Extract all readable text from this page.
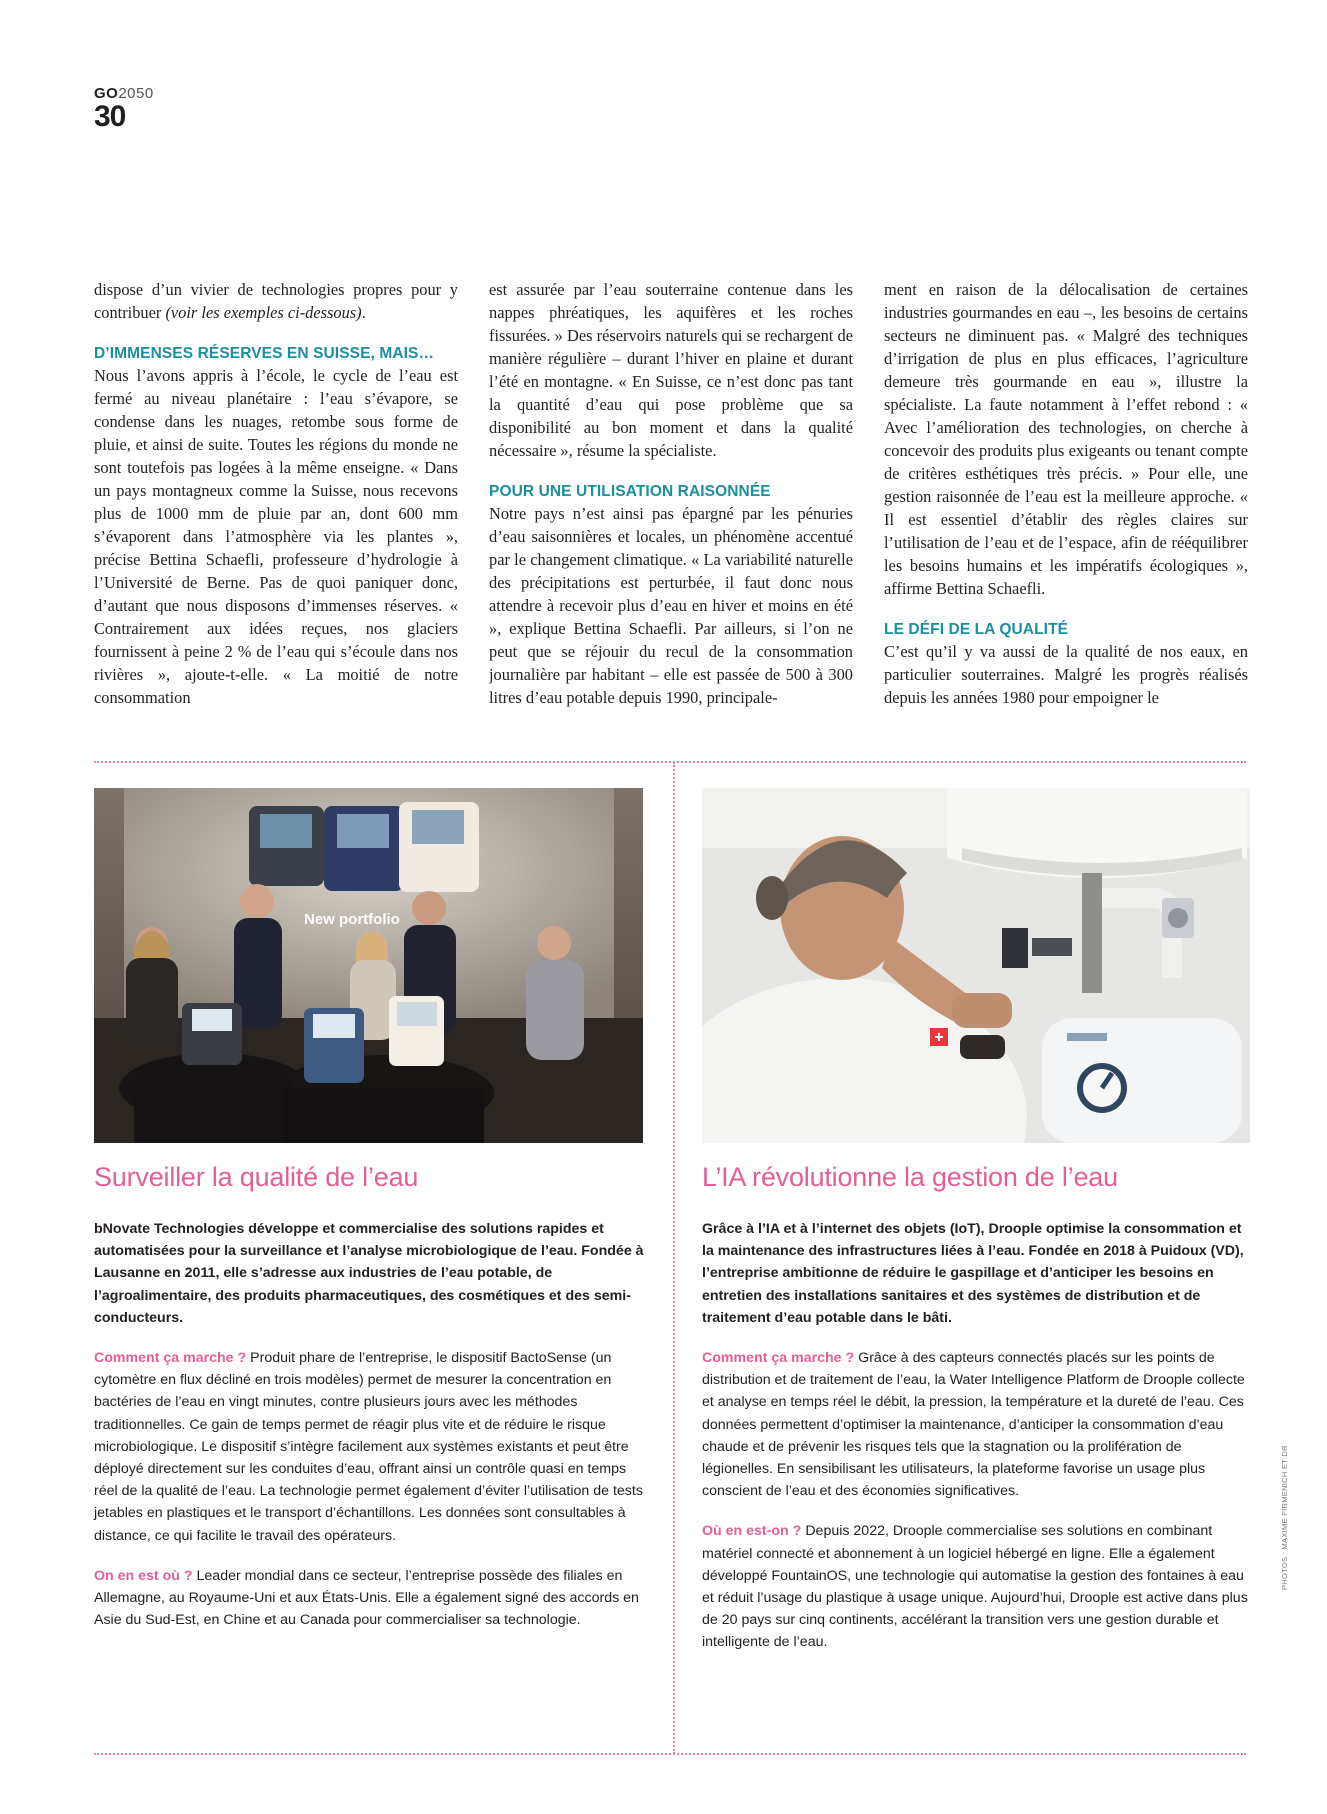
GO2050
30

dispose d’un vivier de technologies propres pour y contribuer (voir les exemples ci-dessous).

D’IMMENSES RÉSERVES EN SUISSE, MAIS…

Nous l’avons appris à l’école, le cycle de l’eau est fermé au niveau planétaire : l’eau s’évapore, se condense dans les nuages, retombe sous forme de pluie, et ainsi de suite. Toutes les régions du monde ne sont toutefois pas logées à la même enseigne. « Dans un pays montagneux comme la Suisse, nous recevons plus de 1000 mm de pluie par an, dont 600 mm s’évaporent dans l’atmosphère via les plantes », précise Bettina Schaefli, professeure d’hydrologie à l’Université de Berne. Pas de quoi paniquer donc, d’autant que nous disposons d’immenses réserves. « Contrairement aux idées reçues, nos glaciers fournissent à peine 2 % de l’eau qui s’écoule dans nos rivières », ajoute-t-elle. « La moitié de notre consommation

est assurée par l’eau souterraine contenue dans les nappes phréatiques, les aquifères et les roches fissurées. » Des réservoirs naturels qui se rechargent de manière régulière – durant l’hiver en plaine et durant l’été en montagne. « En Suisse, ce n’est donc pas tant la quantité d’eau qui pose problème que sa disponibilité au bon moment et dans la qualité nécessaire », résume la spécialiste.

POUR UNE UTILISATION RAISONNÉE

Notre pays n’est ainsi pas épargné par les pénuries d’eau saisonnières et locales, un phénomène accentué par le changement climatique. « La variabilité naturelle des précipitations est perturbée, il faut donc nous attendre à recevoir plus d’eau en hiver et moins en été », explique Bettina Schaefli. Par ailleurs, si l’on ne peut que se réjouir du recul de la consommation journalière par habitant – elle est passée de 500 à 300 litres d’eau potable depuis 1990, principale-

ment en raison de la délocalisation de certaines industries gourmandes en eau –, les besoins de certains secteurs ne diminuent pas. « Malgré des techniques d’irrigation de plus en plus efficaces, l’agriculture demeure très gourmande en eau », illustre la spécialiste. La faute notamment à l’effet rebond : « Avec l’amélioration des technologies, on cherche à concevoir des produits plus exigeants ou tenant compte de critères esthétiques très précis. » Pour elle, une gestion raisonnée de l’eau est la meilleure approche. « Il est essentiel d’établir des règles claires sur l’utilisation de l’eau et de l’espace, afin de rééquilibrer les besoins humains et les impératifs écologiques », affirme Bettina Schaefli.

LE DÉFI DE LA QUALITÉ

C’est qu’il y va aussi de la qualité de nos eaux, en particulier souterraines. Malgré les progrès réalisés depuis les années 1980 pour empoigner le

New portfolio
Surveiller la qualité de l’eau

bNovate Technologies développe et commercialise des solutions rapides et automatisées pour la surveillance et l’analyse microbiologique de l’eau. Fondée à Lausanne en 2011, elle s’adresse aux industries de l’eau potable, de l’agroalimentaire, des produits pharmaceutiques, des cosmétiques et des semi-conducteurs.

Comment ça marche ? Produit phare de l’entreprise, le dispositif BactoSense (un cytomètre en flux décliné en trois modèles) permet de mesurer la concentration en bactéries de l’eau en vingt minutes, contre plusieurs jours avec les méthodes traditionnelles. Ce gain de temps permet de réagir plus vite et de réduire le risque microbiologique. Le dispositif s’intègre facilement aux systèmes existants et peut être déployé directement sur les conduites d’eau, offrant ainsi un contrôle quasi en temps réel de la qualité de l’eau. La technologie permet également d’éviter l’utilisation de tests jetables en plastiques et le transport d’échantillons. Les données sont consultables à distance, ce qui facilite le travail des opérateurs.

On en est où ? Leader mondial dans ce secteur, l’entreprise possède des filiales en Allemagne, au Royaume-Uni et aux États-Unis. Elle a également signé des accords en Asie du Sud-Est, en Chine et au Canada pour commercialiser sa technologie.

L’IA révolutionne la gestion de l’eau

Grâce à l’IA et à l’internet des objets (IoT), Droople optimise la consommation et la maintenance des infrastructures liées à l’eau. Fondée en 2018 à Puidoux (VD), l’entreprise ambitionne de réduire le gaspillage et d’anticiper les besoins en entretien des installations sanitaires et des systèmes de distribution et de traitement d’eau potable dans le bâti.

Comment ça marche ? Grâce à des capteurs connectés placés sur les points de distribution et de traitement de l’eau, la Water Intelligence Platform de Droople collecte et analyse en temps réel le débit, la pression, la température et la dureté de l’eau. Ces données permettent d’optimiser la maintenance, d’anticiper la consommation d’eau chaude et de prévenir les risques tels que la stagnation ou la prolifération de légionelles. En sensibilisant les utilisateurs, la plateforme favorise un usage plus conscient de l’eau et des économies significatives.

Où en est-on ? Depuis 2022, Droople commercialise ses solutions en combinant matériel connecté et abonnement à un logiciel hébergé en ligne. Elle a également développé FountainOS, une technologie qui automatise la gestion des fontaines à eau et réduit l’usage du plastique à usage unique. Aujourd’hui, Droople est active dans plus de 20 pays sur cinq continents, accélérant la transition vers une gestion durable et intelligente de l’eau.

PHOTOS : MAXIME FIRMENICH ET DR
